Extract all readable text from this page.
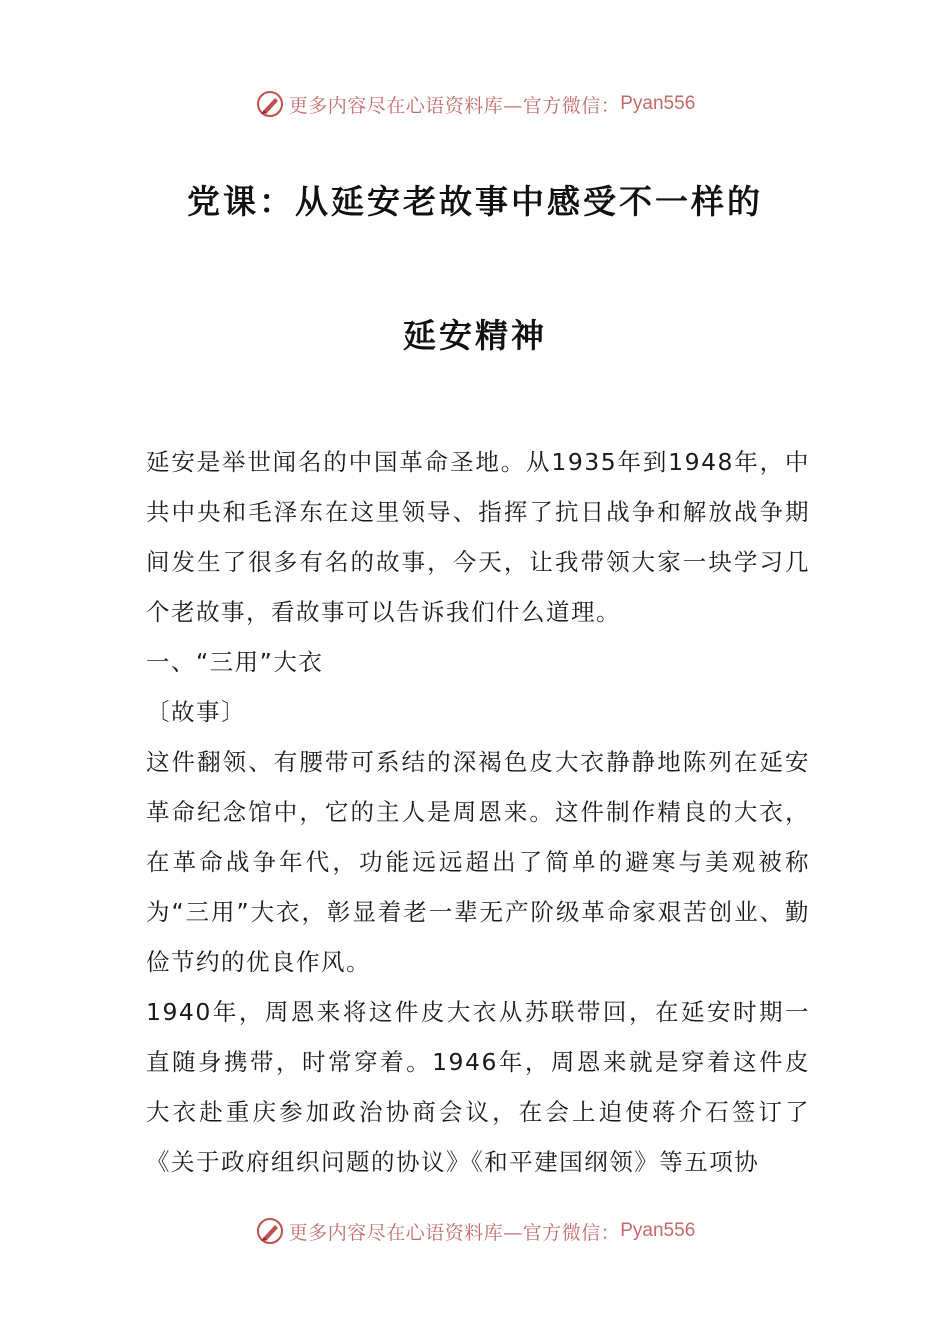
更多内容尽在心语资料库—官方微信： Pyan556
党课：从延安老故事中感受不一样的
延安精神

延安是举世闻名的中国革命圣地。从1935年到1948年，中共中央和毛泽东在这里领导、指挥了抗日战争和解放战争期间发生了很多有名的故事，今天，让我带领大家一块学习几个老故事，看故事可以告诉我们什么道理。

一、“三用”大衣

〔故事〕

这件翻领、有腰带可系结的深褐色皮大衣静静地陈列在延安革命纪念馆中，它的主人是周恩来。这件制作精良的大衣，在革命战争年代，功能远远超出了简单的避寒与美观被称为“三用”大衣，彰显着老一辈无产阶级革命家艰苦创业、勤俭节约的优良作风。

1940年，周恩来将这件皮大衣从苏联带回，在延安时期一直随身携带，时常穿着。1946年，周恩来就是穿着这件皮大衣赴重庆参加政治协商会议，在会上迫使蒋介石签订了《关于政府组织问题的协议》《和平建国纲领》等五项协

更多内容尽在心语资料库—官方微信： Pyan556
